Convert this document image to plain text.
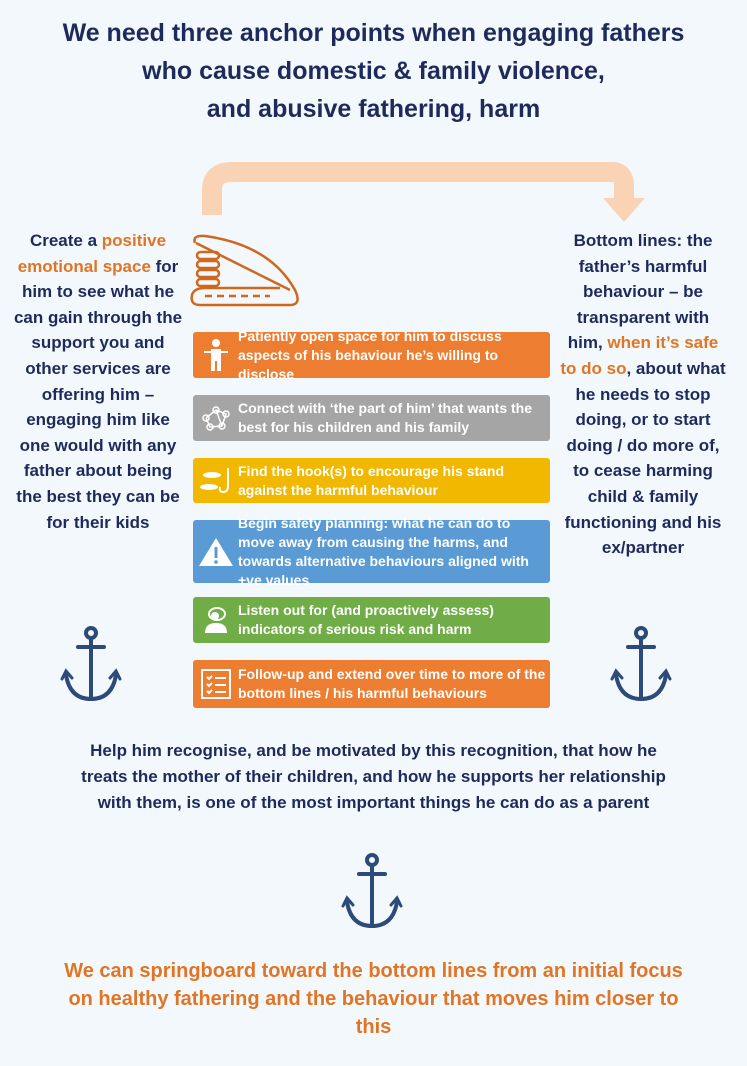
We need three anchor points when engaging fathers
who cause domestic & family violence,
and abusive fathering, harm
Create a positive emotional space for him to see what he can gain through the support you and other services are offering him – engaging him like one would with any father about being the best they can be for their kids
Bottom lines: the father’s harmful behaviour – be transparent with him, when it’s safe to do so, about what he needs to stop doing, or to start doing / do more of, to cease harming child & family functioning and his ex/partner
Patiently open space for him to discuss aspects of his behaviour he’s willing to disclose
Connect with ‘the part of him’ that wants the best for his children and his family
Find the hook(s) to encourage his stand against the harmful behaviour
Begin safety planning: what he can do to move away from causing the harms, and towards alternative behaviours aligned with +ve values
Listen out for (and proactively assess) indicators of serious risk and harm
Follow-up and extend over time to more of the bottom lines / his harmful behaviours
Help him recognise, and be motivated by this recognition, that how he treats the mother of their children, and how he supports her relationship with them, is one of the most important things he can do as a parent
We can springboard toward the bottom lines from an initial focus on healthy fathering and the behaviour that moves him closer to this
